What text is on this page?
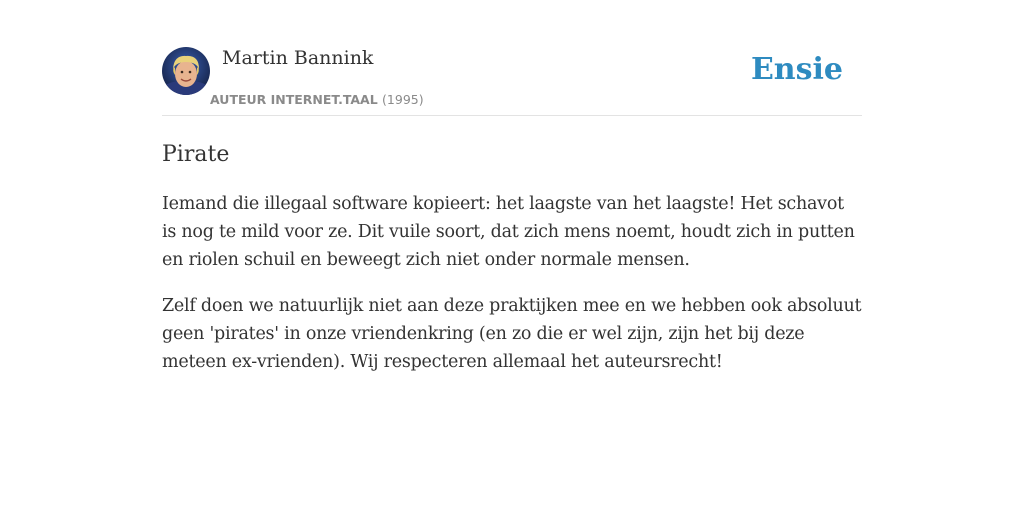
Martin Bannink
AUTEUR INTERNET.TAAL (1995)
Ensie
Pirate

Iemand die illegaal software kopieert: het laagste van het laagste! Het schavot is nog te mild voor ze. Dit vuile soort, dat zich mens noemt, houdt zich in putten en riolen schuil en beweegt zich niet onder normale mensen.

Zelf doen we natuurlijk niet aan deze praktijken mee en we hebben ook absoluut geen 'pirates' in onze vriendenkring (en zo die er wel zijn, zijn het bij deze meteen ex-vrienden). Wij respecteren allemaal het auteursrecht!
